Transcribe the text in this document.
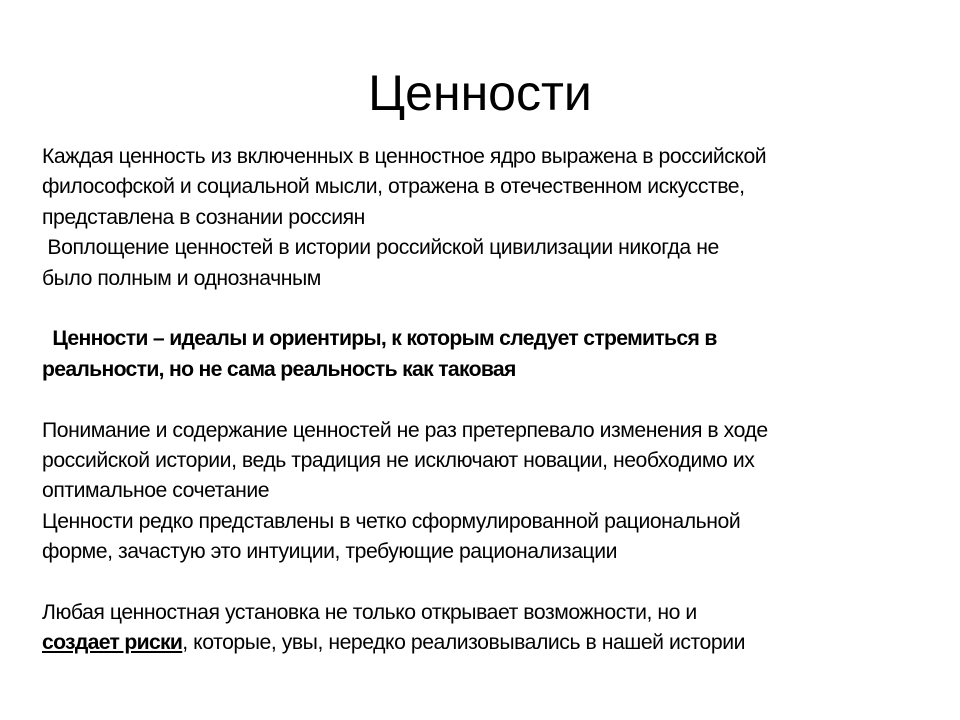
Ценности
Каждая ценность из включенных в ценностное ядро выражена в российской
философской и социальной мысли, отражена в отечественном искусстве,
представлена в сознании россиян
Воплощение ценностей в истории российской цивилизации никогда не
было полным и однозначным
Ценности – идеалы и ориентиры, к которым следует стремиться в
реальности, но не сама реальность как таковая
Понимание и содержание ценностей не раз претерпевало изменения в ходе
российской истории, ведь традиция не исключают новации, необходимо их
оптимальное сочетание
Ценности редко представлены в четко сформулированной рациональной
форме, зачастую это интуиции, требующие рационализации
Любая ценностная установка не только открывает возможности, но и
создает риски, которые, увы, нередко реализовывались в нашей истории
